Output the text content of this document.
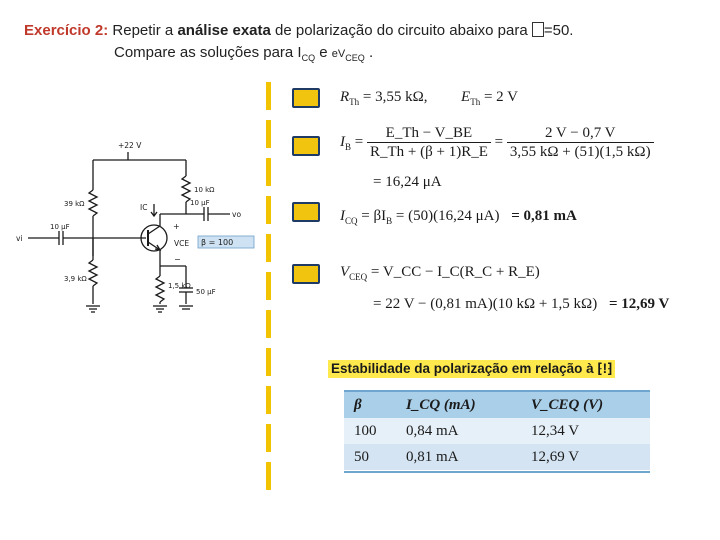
Exercício 2: Repetir a análise exata de polarização do circuito abaixo para =50.
Compare as soluções para $I_{CQ}$ e $eV_{CEQ}$ .
β = 100
+22 V
39 kΩ
3,9 kΩ
10 kΩ
1,5 kΩ
10 μF
10 μF
50 μF
vi
vo
IC
VCE
+
−
$R_{Th} = 3,55$ kΩ, $E_{Th} = 2$ V
$I_B = \frac{E\_Th - V\_BE}{R\_Th + (\beta + 1)R\_E} = \frac{2 V - 0,7 V}{3,55 k\Omega + (51)(1,5 k\Omega)}$
= 16,24 μA
$I_{CQ} = \beta I_B = (50)(16,24$ μA) = 0,81 mA
$V_{CEQ}$ = V_CC − I_C(R_C + R_E)
= 22 V − (0,81 mA)(10 kΩ + 1,5 kΩ) = 12,69 V
Estabilidade da polarização em relação à ⁅!⁆
β	I_CQ (mA)	V_CEQ (V)
100	0,84 mA	12,34 V
50	0,81 mA	12,69 V
